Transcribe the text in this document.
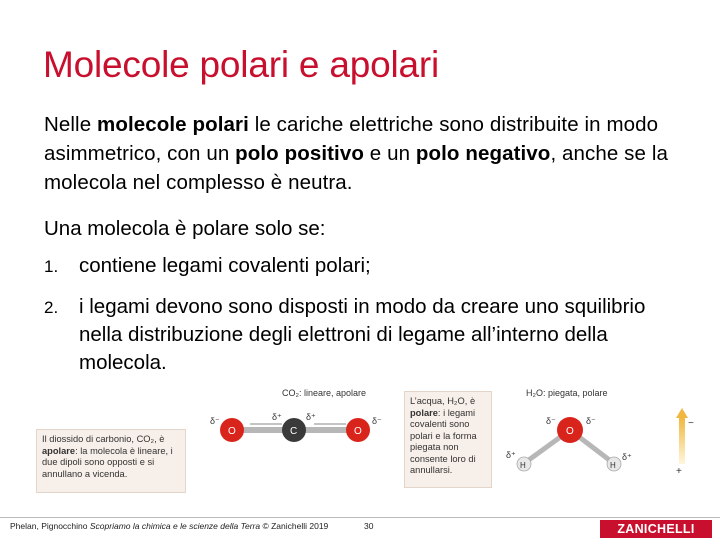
Molecole polari e apolari

Nelle molecole polari le cariche elettriche sono distribuite in modo asimmetrico, con un polo positivo e un polo negativo, anche se la molecola nel complesso è neutra.

Una molecola è polare solo se:

1. contiene legami covalenti polari;
2. i legami devono sono disposti in modo da creare uno squilibrio nella distribuzione degli elettroni di legame all’interno della molecola.
CO₂: lineare, apolare
O	C	O
δ⁻	δ⁺	δ⁺	δ⁻
Il diossido di carbonio, CO₂, è apolare: la molecola è lineare, i due dipoli sono opposti e si annullano a vicenda.
H₂O: piegata, polare
O
H	H
δ⁻	δ⁻
δ⁺	δ⁺
−
+
L’acqua, H₂O, è polare: i legami covalenti sono polari e la forma piegata non consente loro di annullarsi.
Phelan, Pignocchino Scopriamo la chimica e le scienze della Terra © Zanichelli 2019	30	ZANICHELLI
